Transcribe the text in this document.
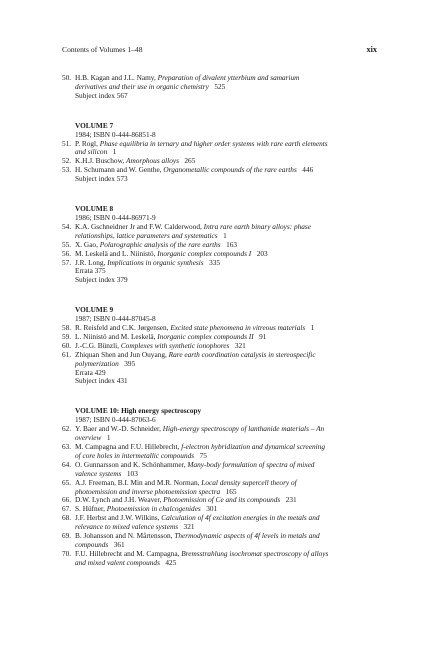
Contents of Volumes 1–48	xix
50. H.B. Kagan and J.L. Namy, Preparation of divalent ytterbium and samarium
derivatives and their use in organic chemistry 525
Subject index 567
VOLUME 7
1984; ISBN 0-444-86851-8
51. P. Rogl, Phase equilibria in ternary and higher order systems with rare earth elements
and silicon 1
52. K.H.J. Buschow, Amorphous alloys 265
53. H. Schumann and W. Genthe, Organometallic compounds of the rare earths 446
Subject index 573
VOLUME 8
1986; ISBN 0-444-86971-9
54. K.A. Gschneidner Jr and F.W. Calderwood, Intra rare earth binary alloys: phase
relationships, lattice parameters and systematics 1
55. X. Gao, Polarographic analysis of the rare earths 163
56. M. Leskelä and L. Niinistö, Inorganic complex compounds I 203
57. J.R. Long, Implications in organic synthesis 335
Errata 375
Subject index 379
VOLUME 9
1987; ISBN 0-444-87045-8
58. R. Reisfeld and C.K. Jørgensen, Excited state phenomena in vitreous materials 1
59. L. Niinistö and M. Leskelä, Inorganic complex compounds II 91
60. J.-C.G. Bünzli, Complexes with synthetic ionophores 321
61. Zhiquan Shen and Jun Ouyang, Rare earth coordination catalysis in stereospecific
polymerization 395
Errata 429
Subject index 431
VOLUME 10: High energy spectroscopy
1987; ISBN 0-444-87063-6
62. Y. Baer and W.-D. Schneider, High-energy spectroscopy of lanthanide materials – An
overview 1
63. M. Campagna and F.U. Hillebrecht, f-electron hybridization and dynamical screening
of core holes in intermetallic compounds 75
64. O. Gunnarsson and K. Schönhammer, Many-body formulation of spectra of mixed
valence systems 103
65. A.J. Freeman, B.I. Min and M.R. Norman, Local density supercell theory of
photoemission and inverse photoemission spectra 165
66. D.W. Lynch and J.H. Weaver, Photoemission of Ce and its compounds 231
67. S. Hüfner, Photoemission in chalcogenides 301
68. J.F. Herbst and J.W. Wilkins, Calculation of 4f excitation energies in the metals and
relevance to mixed valence systems 321
69. B. Johansson and N. Mårtensson, Thermodynamic aspects of 4f levels in metals and
compounds 361
70. F.U. Hillebrecht and M. Campagna, Bremsstrahlung isochromat spectroscopy of alloys
and mixed valent compounds 425
